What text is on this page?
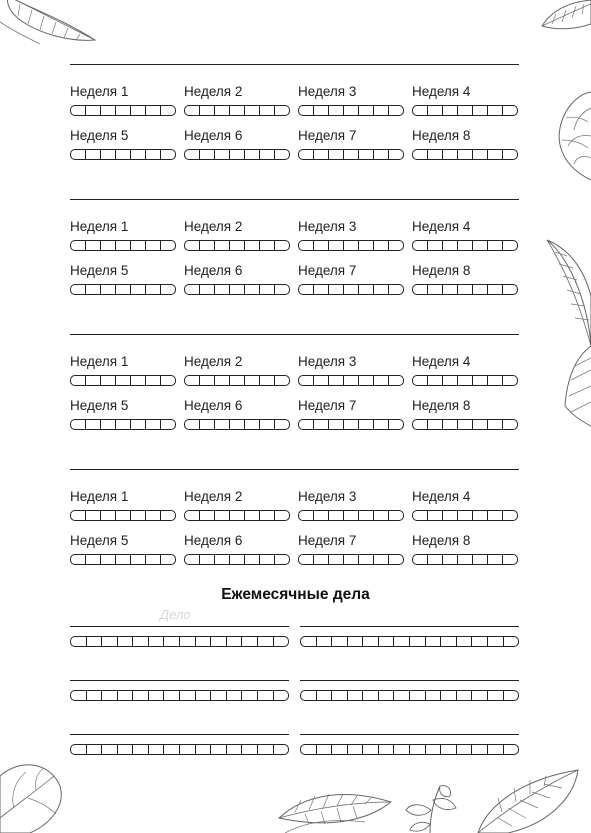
Неделя 1	Неделя 2	Неделя 3	Неделя 4
Неделя 5	Неделя 6	Неделя 7	Неделя 8
Неделя 1	Неделя 2	Неделя 3	Неделя 4
Неделя 5	Неделя 6	Неделя 7	Неделя 8
Неделя 1	Неделя 2	Неделя 3	Неделя 4
Неделя 5	Неделя 6	Неделя 7	Неделя 8
Неделя 1	Неделя 2	Неделя 3	Неделя 4
Неделя 5	Неделя 6	Неделя 7	Неделя 8
Ежемесячные дела
Дело
